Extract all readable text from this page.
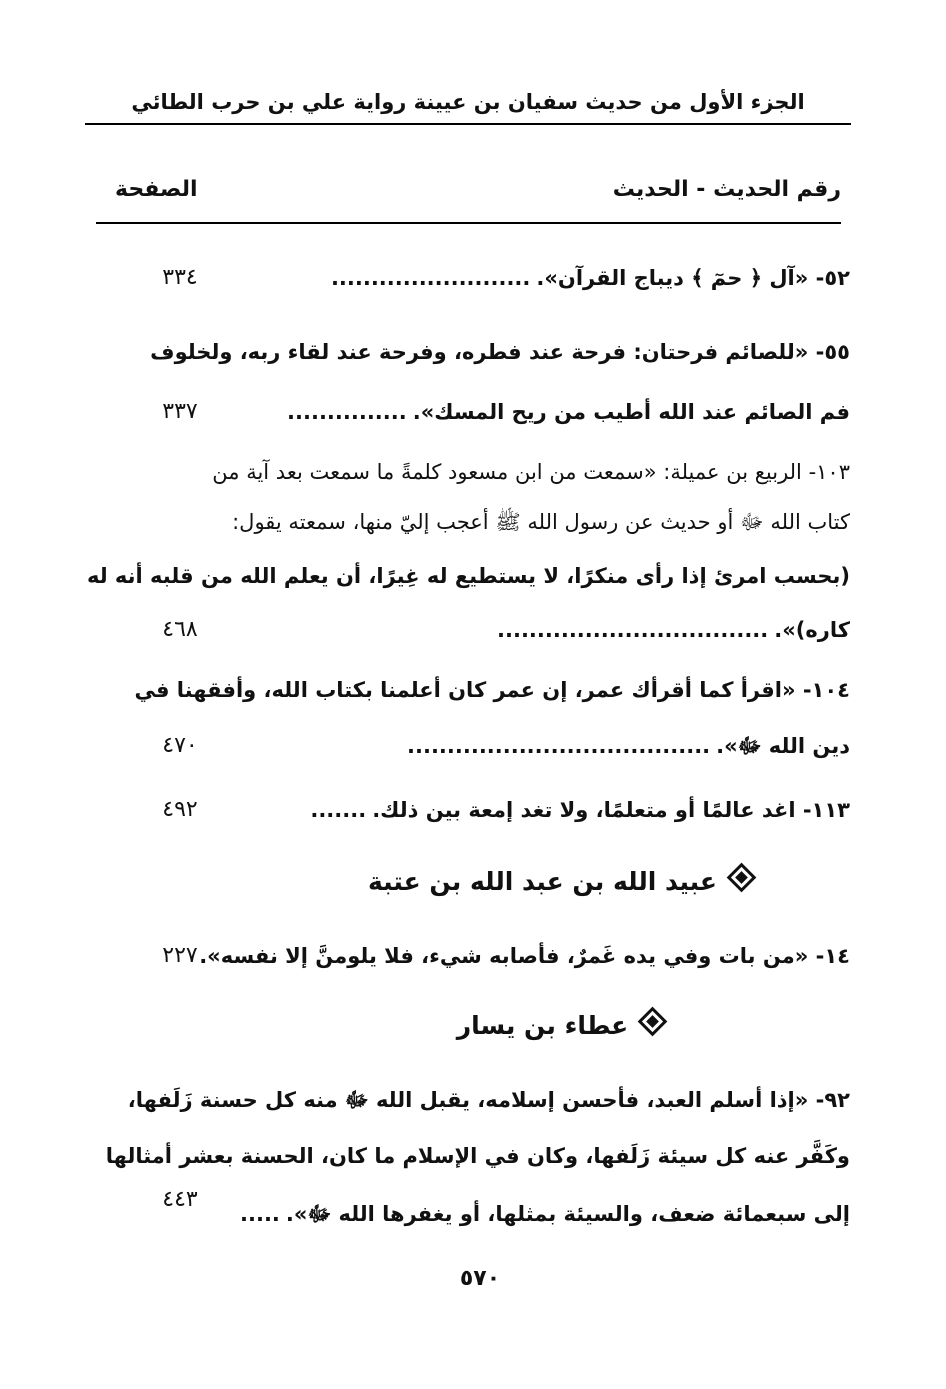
الجزء الأول من حديث سفيان بن عيينة رواية علي بن حرب الطائي
رقم الحديث - الحديث
الصفحة
٥٢- «آل ﴿ حمٓ ﴾ ديباج القرآن»..........................
٣٣٤
٥٥- «للصائم فرحتان: فرحة عند فطره، وفرحة عند لقاء ربه، ولخلوف
فم الصائم عند الله أطيب من ريح المسك»................
٣٣٧
١٠٣- الربيع بن عميلة: «سمعت من ابن مسعود كلمةً ما سمعت بعد آية من
كتاب الله ﷻ أو حديث عن رسول الله ﷺ أعجب إليّ منها، سمعته يقول:
(بحسب امرئ إذا رأى منكرًا، لا يستطيع له غِيرًا، أن يعلم الله من قلبه أنه له
كاره)»...................................
٤٦٨
١٠٤- «اقرأ كما أقرأك عمر، إن عمر كان أعلمنا بكتاب الله، وأفقهنا في
دين الله ﷻ».......................................
٤٧٠
١١٣- اغد عالمًا أو متعلمًا، ولا تغد إمعة بين ذلك........
٤٩٢
عبيد الله بن عبد الله بن عتبة
١٤- «من بات وفي يده غَمرٌ، فأصابه شيء، فلا يلومنَّ إلا نفسه».
٢٢٧
عطاء بن يسار
٩٢- «إذا أسلم العبد، فأحسن إسلامه، يقبل الله ﷻ منه كل حسنة زَلَفها،
وكَفَّر عنه كل سيئة زَلَفها، وكان في الإسلام ما كان، الحسنة بعشر أمثالها
إلى سبعمائة ضعف، والسيئة بمثلها، أو يغفرها الله ﷻ»......
٤٤٣
٥٧٠
